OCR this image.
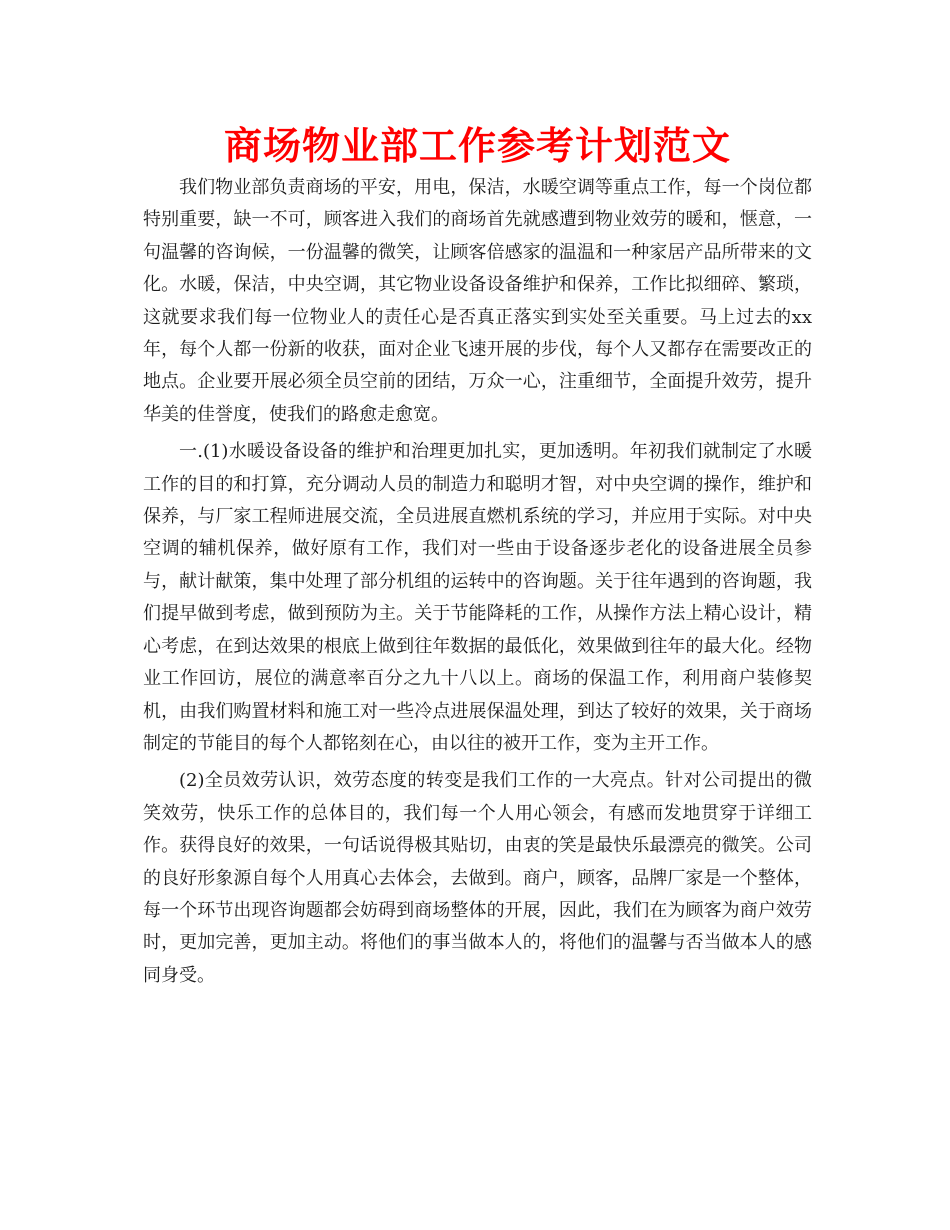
商场物业部工作参考计划范文

我们物业部负责商场的平安，用电，保洁，水暖空调等重点工作，每一个岗位都特别重要，缺一不可，顾客进入我们的商场首先就感遭到物业效劳的暖和，惬意，一句温馨的咨询候，一份温馨的微笑，让顾客倍感家的温温和一种家居产品所带来的文化。水暖，保洁，中央空调，其它物业设备设备维护和保养，工作比拟细碎、繁琐，这就要求我们每一位物业人的责任心是否真正落实到实处至关重要。马上过去的xx年，每个人都一份新的收获，面对企业飞速开展的步伐，每个人又都存在需要改正的地点。企业要开展必须全员空前的团结，万众一心，注重细节，全面提升效劳，提升华美的佳誉度，使我们的路愈走愈宽。

一.(1)水暖设备设备的维护和治理更加扎实，更加透明。年初我们就制定了水暖工作的目的和打算，充分调动人员的制造力和聪明才智，对中央空调的操作，维护和保养，与厂家工程师进展交流，全员进展直燃机系统的学习，并应用于实际。对中央空调的辅机保养，做好原有工作，我们对一些由于设备逐步老化的设备进展全员参与，献计献策，集中处理了部分机组的运转中的咨询题。关于往年遇到的咨询题，我们提早做到考虑，做到预防为主。关于节能降耗的工作，从操作方法上精心设计，精心考虑，在到达效果的根底上做到往年数据的最低化，效果做到往年的最大化。经物业工作回访，展位的满意率百分之九十八以上。商场的保温工作，利用商户装修契机，由我们购置材料和施工对一些冷点进展保温处理，到达了较好的效果，关于商场制定的节能目的每个人都铭刻在心，由以往的被开工作，变为主开工作。

(2)全员效劳认识，效劳态度的转变是我们工作的一大亮点。针对公司提出的微笑效劳，快乐工作的总体目的，我们每一个人用心领会，有感而发地贯穿于详细工作。获得良好的效果，一句话说得极其贴切，由衷的笑是最快乐最漂亮的微笑。公司的良好形象源自每个人用真心去体会，去做到。商户，顾客，品牌厂家是一个整体，每一个环节出现咨询题都会妨碍到商场整体的开展，因此，我们在为顾客为商户效劳时，更加完善，更加主动。将他们的事当做本人的，将他们的温馨与否当做本人的感同身受。
